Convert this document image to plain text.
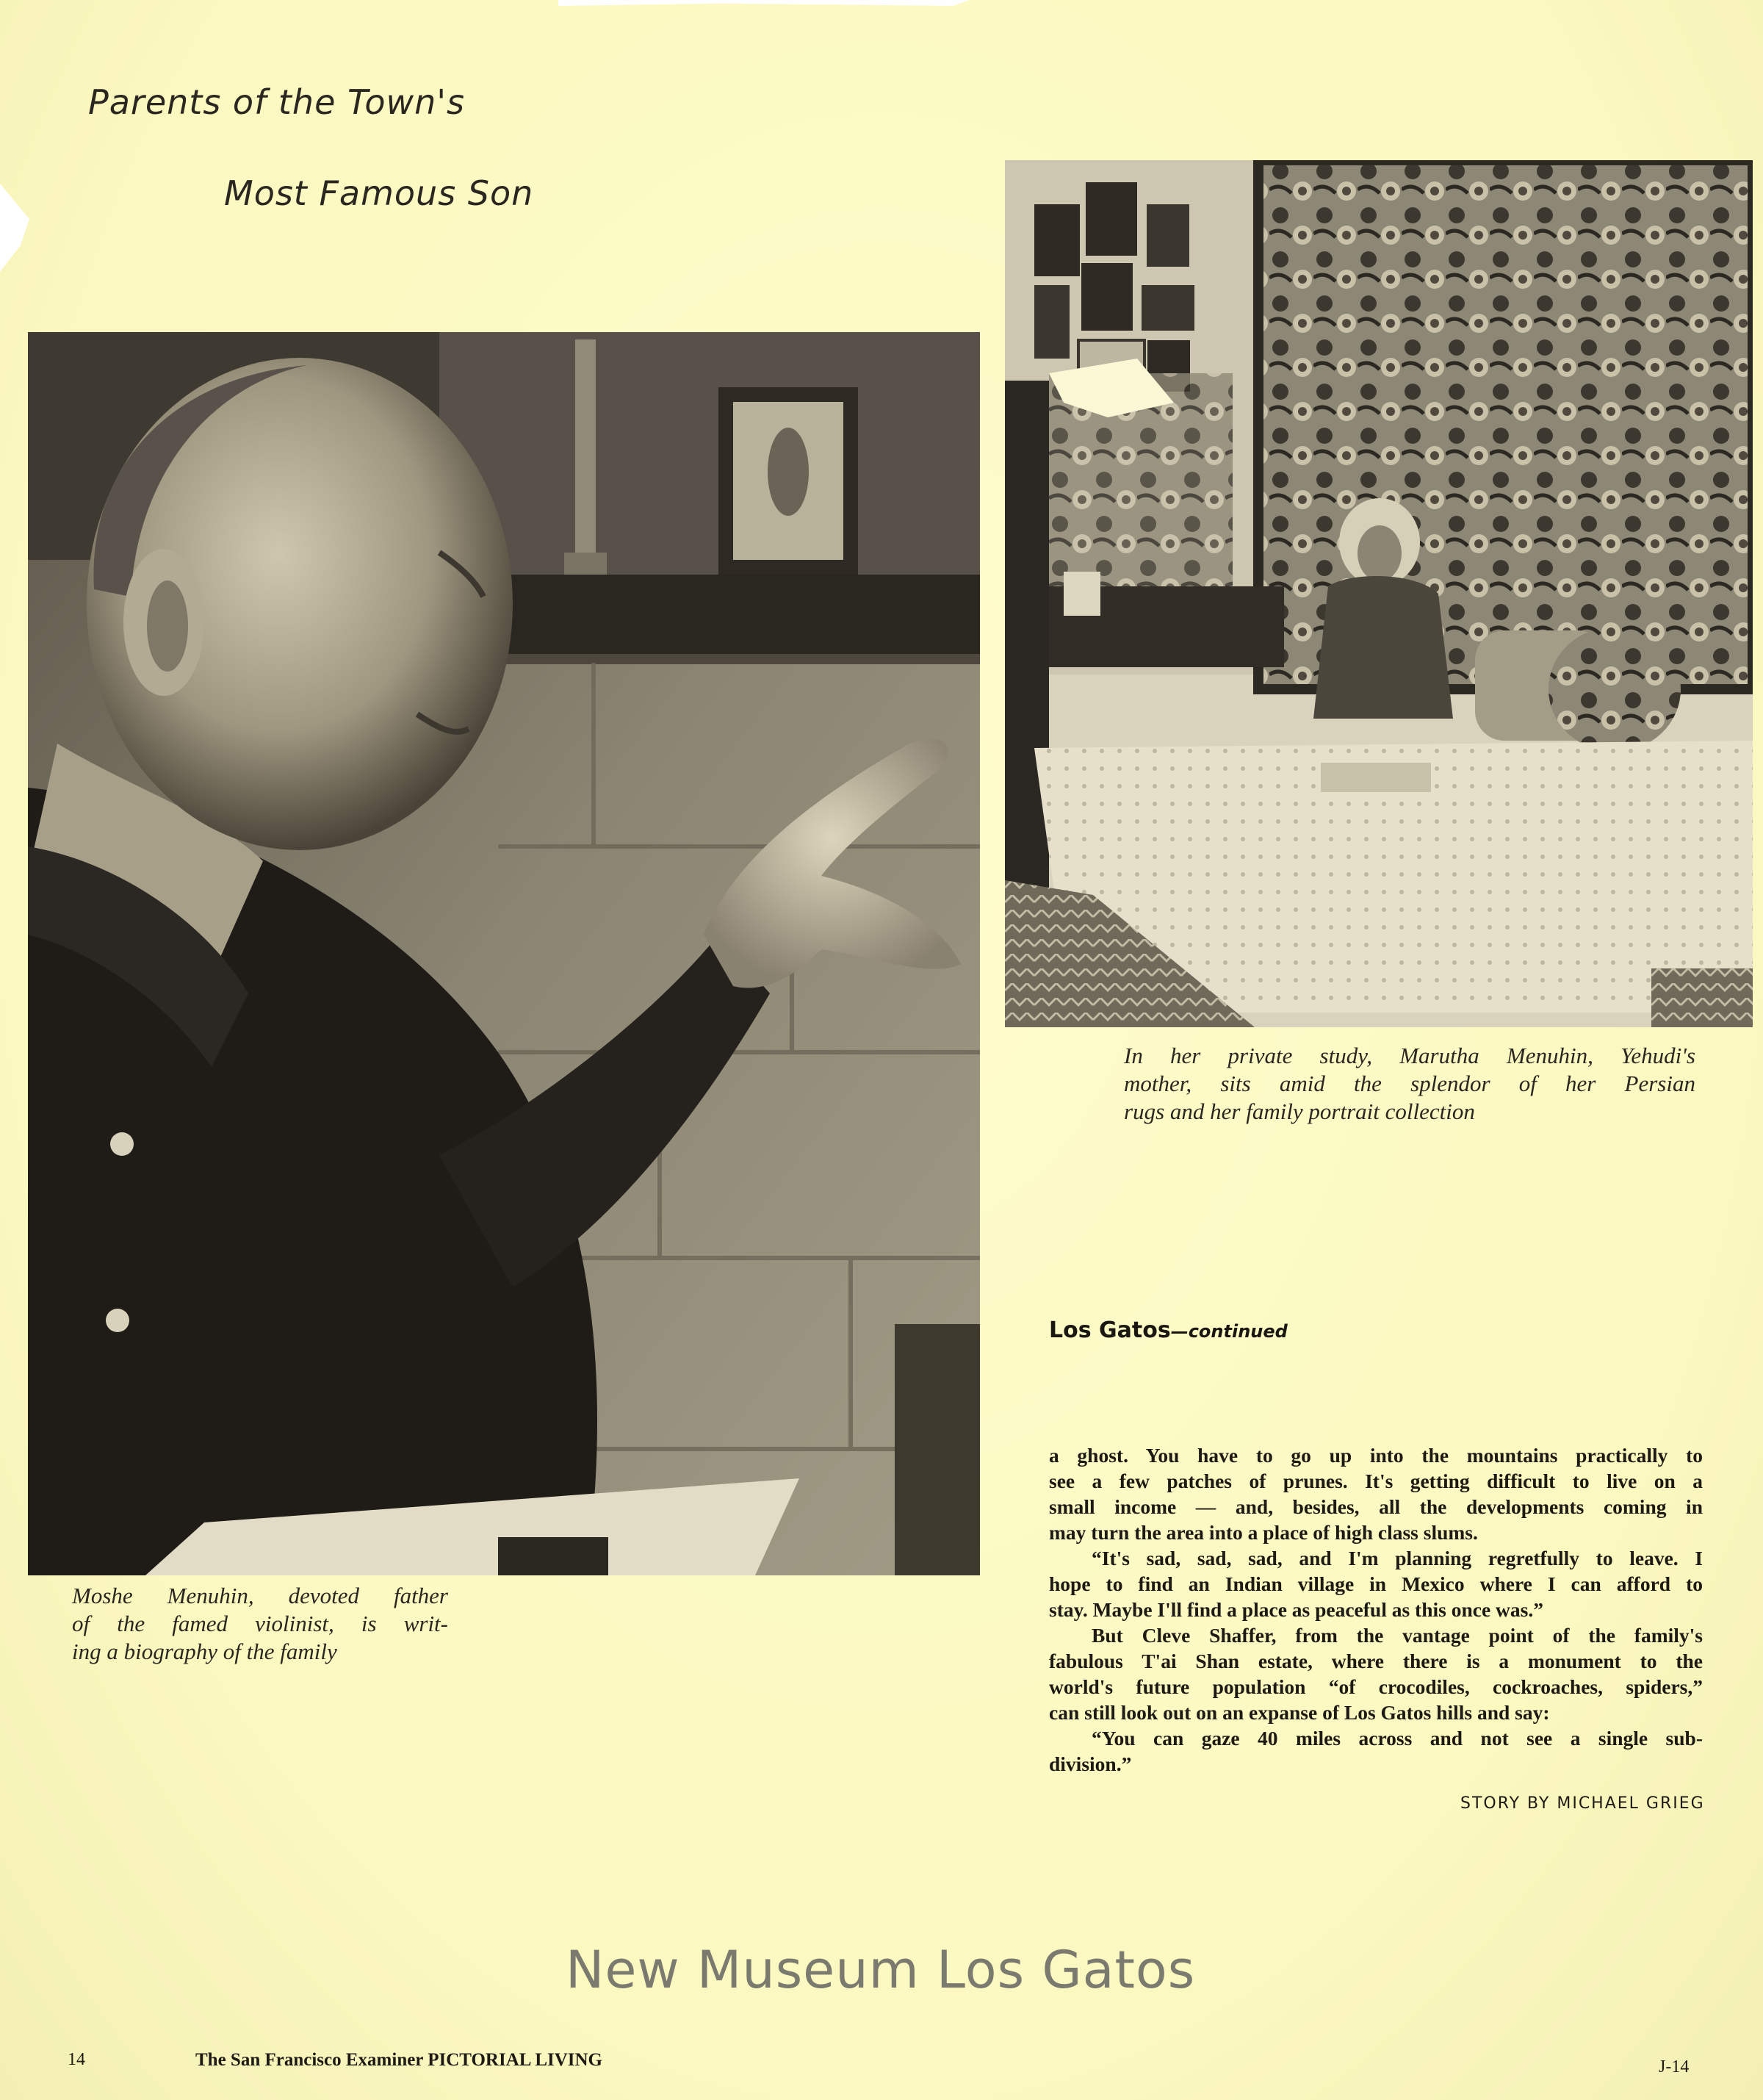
Parents of the Town's
Most Famous Son
Moshe Menuhin, devoted father
of the famed violinist, is writ-
ing a biography of the family
In her private study, Marutha Menuhin, Yehudi's
mother, sits amid the splendor of her Persian
rugs and her family portrait collection
Los Gatos—continued
a ghost. You have to go up into the mountains practically to
see a few patches of prunes. It's getting difficult to live on a
small income — and, besides, all the developments coming in
may turn the area into a place of high class slums.
“It's sad, sad, sad, and I'm planning regretfully to leave. I
hope to find an Indian village in Mexico where I can afford to
stay. Maybe I'll find a place as peaceful as this once was.”
But Cleve Shaffer, from the vantage point of the family's
fabulous T'ai Shan estate, where there is a monument to the
world's future population “of crocodiles, cockroaches, spiders,”
can still look out on an expanse of Los Gatos hills and say:
“You can gaze 40 miles across and not see a single sub-
division.”
STORY BY MICHAEL GRIEG
New Museum Los Gatos
14	The San Francisco Examiner PICTORIAL LIVING	J-14
